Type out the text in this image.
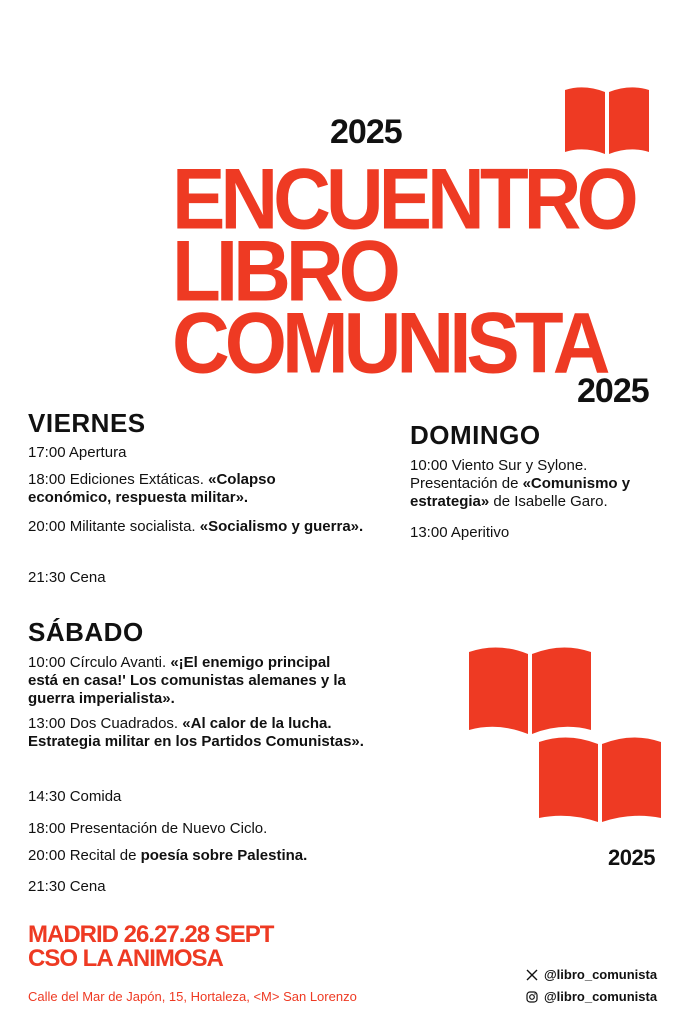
2025
ENCUENTRO
LIBRO
COMUNISTA
2025
VIERNES
17:00 Apertura
18:00 Ediciones Extáticas. «Colapso económico, respuesta militar».
20:00 Militante socialista. «Socialismo y guerra».
21:30 Cena
DOMINGO
10:00 Viento Sur y Sylone. Presentación de «Comunismo y estrategia» de Isabelle Garo.
13:00 Aperitivo
SÁBADO
10:00 Círculo Avanti. «¡El enemigo principal está en casa!' Los comunistas alemanes y la guerra imperialista».
13:00 Dos Cuadrados. «Al calor de la lucha. Estrategia militar en los Partidos Comunistas».
14:30 Comida
18:00 Presentación de Nuevo Ciclo.
20:00 Recital de poesía sobre Palestina.
21:30 Cena
2025
MADRID 26.27.28 SEPT
CSO LA ANIMOSA
Calle del Mar de Japón, 15, Hortaleza, <M> San Lorenzo
@libro_comunista
@libro_comunista
